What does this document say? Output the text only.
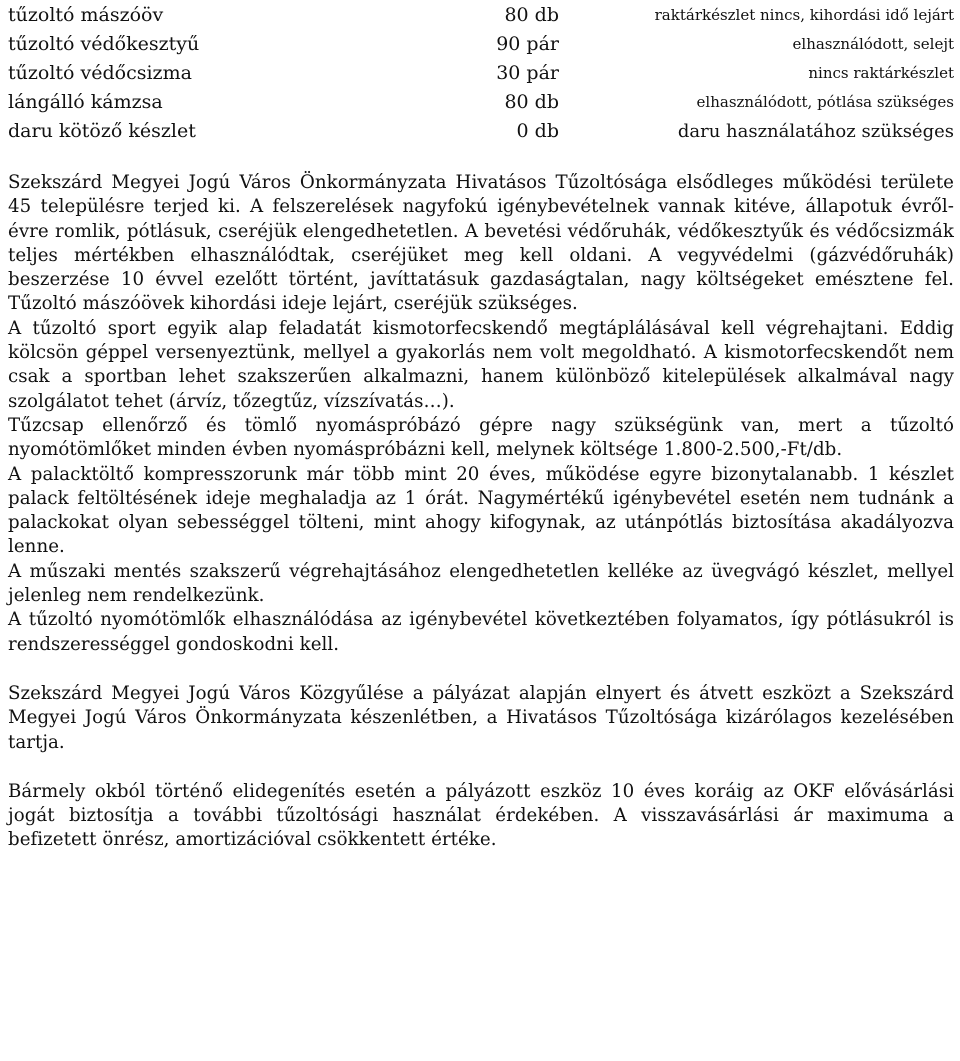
tűzoltó mászóöv	80 db	raktárkészlet nincs, kihordási idő lejárt
tűzoltó védőkesztyű	90 pár	elhasználódott, selejt
tűzoltó védőcsizma	30 pár	nincs raktárkészlet
lángálló kámzsa	80 db	elhasználódott, pótlása szükséges
daru kötöző készlet	0 db	daru használatához szükséges

Szekszárd Megyei Jogú Város Önkormányzata Hivatásos Tűzoltósága elsődleges működési területe 45 településre terjed ki. A felszerelések nagyfokú igénybevételnek vannak kitéve, állapotuk évről- évre romlik, pótlásuk, cseréjük elengedhetetlen. A bevetési védőruhák, védőkesztyűk és védőcsizmák teljes mértékben elhasználódtak, cseréjüket meg kell oldani. A vegyvédelmi (gázvédőruhák) beszerzése 10 évvel ezelőtt történt, javíttatásuk gazdaságtalan, nagy költségeket emésztene fel. Tűzoltó mászóövek kihordási ideje lejárt, cseréjük szükséges.

A tűzoltó sport egyik alap feladatát kismotorfecskendő megtáplálásával kell végrehajtani. Eddig kölcsön géppel versenyeztünk, mellyel a gyakorlás nem volt megoldható. A kismotorfecskendőt nem csak a sportban lehet szakszerűen alkalmazni, hanem különböző kitelepülések alkalmával nagy szolgálatot tehet (árvíz, tőzegtűz, vízszívatás…).

Tűzcsap ellenőrző és tömlő nyomáspróbázó gépre nagy szükségünk van, mert a tűzoltó nyomótömlőket minden évben nyomáspróbázni kell, melynek költsége 1.800-2.500,-Ft/db.

A palacktöltő kompresszorunk már több mint 20 éves, működése egyre bizonytalanabb. 1 készlet palack feltöltésének ideje meghaladja az 1 órát. Nagymértékű igénybevétel esetén nem tudnánk a palackokat olyan sebességgel tölteni, mint ahogy kifogynak, az utánpótlás biztosítása akadályozva lenne.

A műszaki mentés szakszerű végrehajtásához elengedhetetlen kelléke az üvegvágó készlet, mellyel jelenleg nem rendelkezünk.

A tűzoltó nyomótömlők elhasználódása az igénybevétel következtében folyamatos, így pótlásukról is rendszerességgel gondoskodni kell.

Szekszárd Megyei Jogú Város Közgyűlése a pályázat alapján elnyert és átvett eszközt a Szekszárd Megyei Jogú Város Önkormányzata készenlétben, a Hivatásos Tűzoltósága kizárólagos kezelésében tartja.

Bármely okból történő elidegenítés esetén a pályázott eszköz 10 éves koráig az OKF elővásárlási jogát biztosítja a további tűzoltósági használat érdekében. A visszavásárlási ár maximuma a befizetett önrész, amortizációval csökkentett értéke.
